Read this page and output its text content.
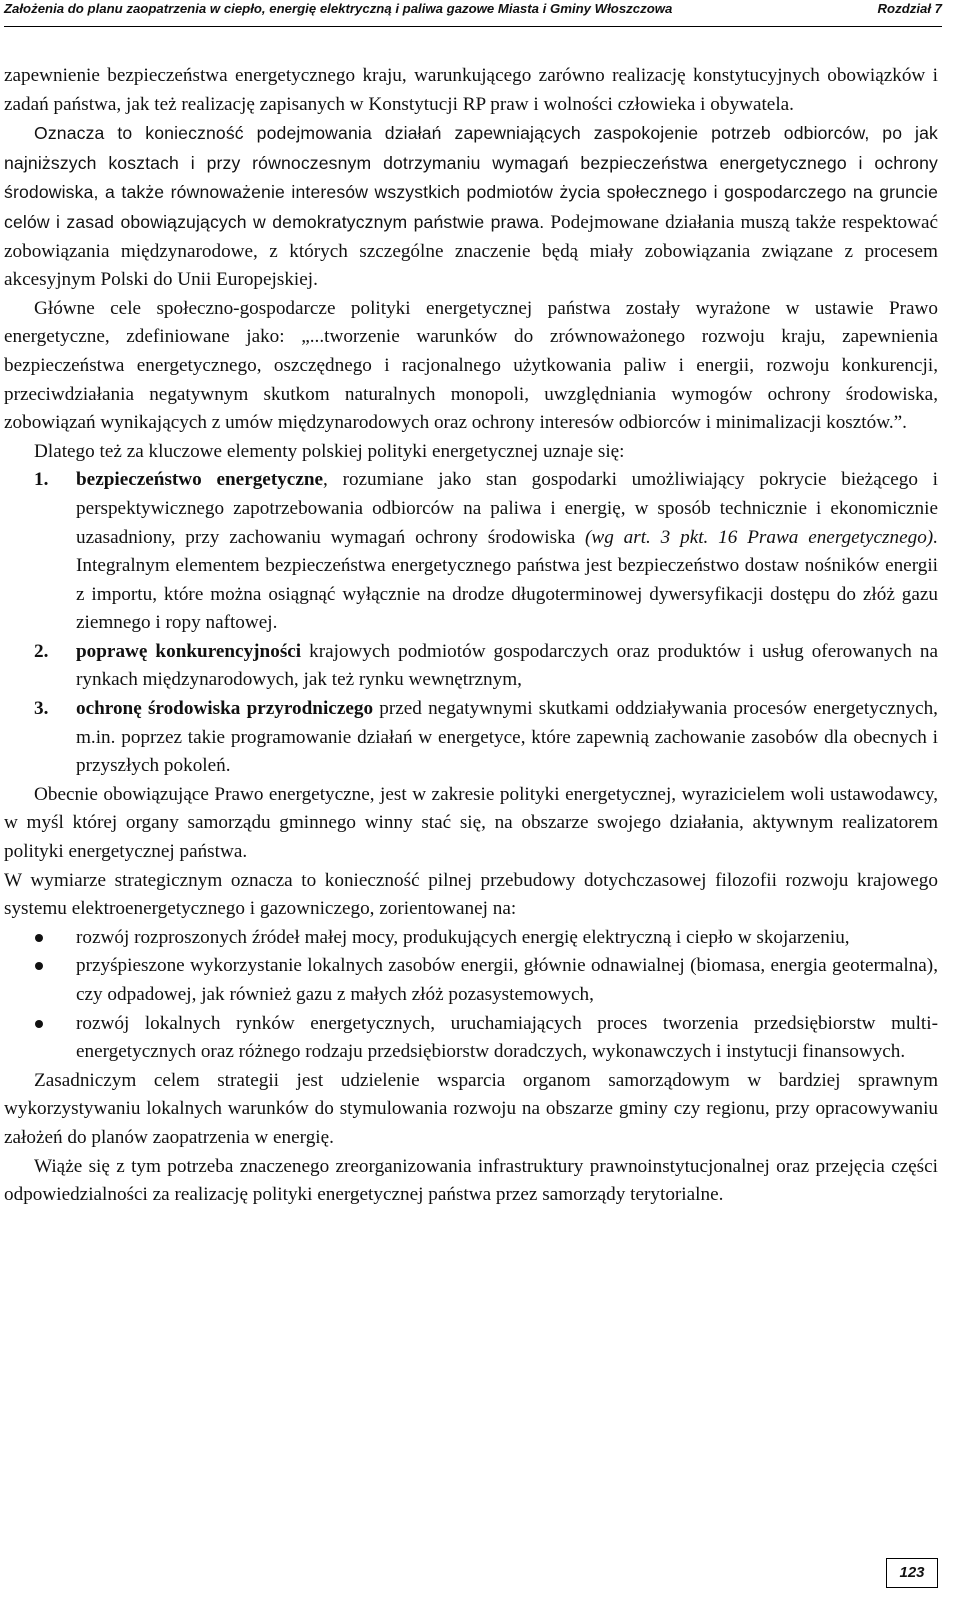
Założenia do planu zaopatrzenia w ciepło, energię elektryczną i paliwa gazowe Miasta i Gminy Włoszczowa	Rozdział 7

zapewnienie bezpieczeństwa energetycznego kraju, warunkującego zarówno realizację konstytucyjnych obowiązków i zadań państwa, jak też realizację zapisanych w Konstytucji RP praw i wolności człowieka i obywatela.

Oznacza to konieczność podejmowania działań zapewniających zaspokojenie potrzeb odbiorców, po jak najniższych kosztach i przy równoczesnym dotrzymaniu wymagań bezpieczeństwa energetycznego i ochrony środowiska, a także równoważenie interesów wszystkich podmiotów życia społecznego i gospodarczego na gruncie celów i zasad obowiązujących w demokratycznym państwie prawa. Podejmowane działania muszą także respektować zobowiązania międzynarodowe, z których szczególne znaczenie będą miały zobowiązania związane z procesem akcesyjnym Polski do Unii Europejskiej.

Główne cele społeczno-gospodarcze polityki energetycznej państwa zostały wyrażone w ustawie Prawo energetyczne, zdefiniowane jako: „...tworzenie warunków do zrównoważonego rozwoju kraju, zapewnienia bezpieczeństwa energetycznego, oszczędnego i racjonalnego użytkowania paliw i energii, rozwoju konkurencji, przeciwdziałania negatywnym skutkom naturalnych monopoli, uwzględniania wymogów ochrony środowiska, zobowiązań wynikających z umów międzynarodowych oraz ochrony interesów odbiorców i minimalizacji kosztów.”.

Dlatego też za kluczowe elementy polskiej polityki energetycznej uznaje się:

1. bezpieczeństwo energetyczne, rozumiane jako stan gospodarki umożliwiający pokrycie bieżącego i perspektywicznego zapotrzebowania odbiorców na paliwa i energię, w sposób technicznie i ekonomicznie uzasadniony, przy zachowaniu wymagań ochrony środowiska (wg art. 3 pkt. 16 Prawa energetycznego). Integralnym elementem bezpieczeństwa energetycznego państwa jest bezpieczeństwo dostaw nośników energii z importu, które można osiągnąć wyłącznie na drodze długoterminowej dywersyfikacji dostępu do złóż gazu ziemnego i ropy naftowej.
2. poprawę konkurencyjności krajowych podmiotów gospodarczych oraz produktów i usług oferowanych na rynkach międzynarodowych, jak też rynku wewnętrznym,
3. ochronę środowiska przyrodniczego przed negatywnymi skutkami oddziaływania procesów energetycznych, m.in. poprzez takie programowanie działań w energetyce, które zapewnią zachowanie zasobów dla obecnych i przyszłych pokoleń.

Obecnie obowiązujące Prawo energetyczne, jest w zakresie polityki energetycznej, wyrazicielem woli ustawodawcy, w myśl której organy samorządu gminnego winny stać się, na obszarze swojego działania, aktywnym realizatorem polityki energetycznej państwa.

W wymiarze strategicznym oznacza to konieczność pilnej przebudowy dotychczasowej filozofii rozwoju krajowego systemu elektroenergetycznego i gazowniczego, zorientowanej na:

rozwój rozproszonych źródeł małej mocy, produkujących energię elektryczną i ciepło w skojarzeniu,
przyśpieszone wykorzystanie lokalnych zasobów energii, głównie odnawialnej (biomasa, energia geotermalna), czy odpadowej, jak również gazu z małych złóż pozasystemowych,
rozwój lokalnych rynków energetycznych, uruchamiających proces tworzenia przedsiębiorstw multi- energetycznych oraz różnego rodzaju przedsiębiorstw doradczych, wykonawczych i instytucji finansowych.

Zasadniczym celem strategii jest udzielenie wsparcia organom samorządowym w bardziej sprawnym wykorzystywaniu lokalnych warunków do stymulowania rozwoju na obszarze gminy czy regionu, przy opracowywaniu założeń do planów zaopatrzenia w energię.

Wiąże się z tym potrzeba znaczenego zreorganizowania infrastruktury prawnoinstytucjonalnej oraz przejęcia części odpowiedzialności za realizację polityki energetycznej państwa przez samorządy terytorialne.

123
